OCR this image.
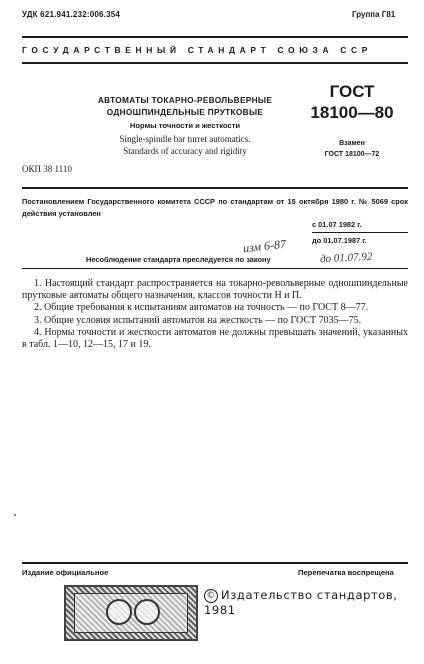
УДК 621.941.232:006.354	Группа Г81
ГОСУДАРСТВЕННЫЙ СТАНДАРТ СОЮЗА ССР
АВТОМАТЫ ТОКАРНО-РЕВОЛЬВЕРНЫЕ
ОДНОШПИНДЕЛЬНЫЕ ПРУТКОВЫЕ
Нормы точности и жесткости
Single-spindle bar turret automatics.
Standards of accuracy and rigidity
ГОСТ
18100—80
Взамен
ГОСТ 18100—72
ОКП 38 1110
Постановлением Государственного комитета СССР по стандартам от 15 октября 1980 г. № 5069 срок действия установлен
с 01.07 1982 г.
до 01.07.1987 г.
Несоблюдение стандарта преследуется по закону
изм 6-87
до 01.07.92

1. Настоящий стандарт распространяется на токарно-револьверные одношпиндельные прутковые автоматы общего назначения, классов точности Н и П.

2. Общие требования к испытаниям автоматов на точность — по ГОСТ 8—77.

3. Общие условия испытаний автоматов на жесткость — по ГОСТ 7035—75.

4. Нормы точности и жесткости автоматов не должны превышать значений, указанных в табл. 1—10, 12—15, 17 и 19.

Издание официальное	Перепечатка воспрещена
© Издательство стандартов, 1981
